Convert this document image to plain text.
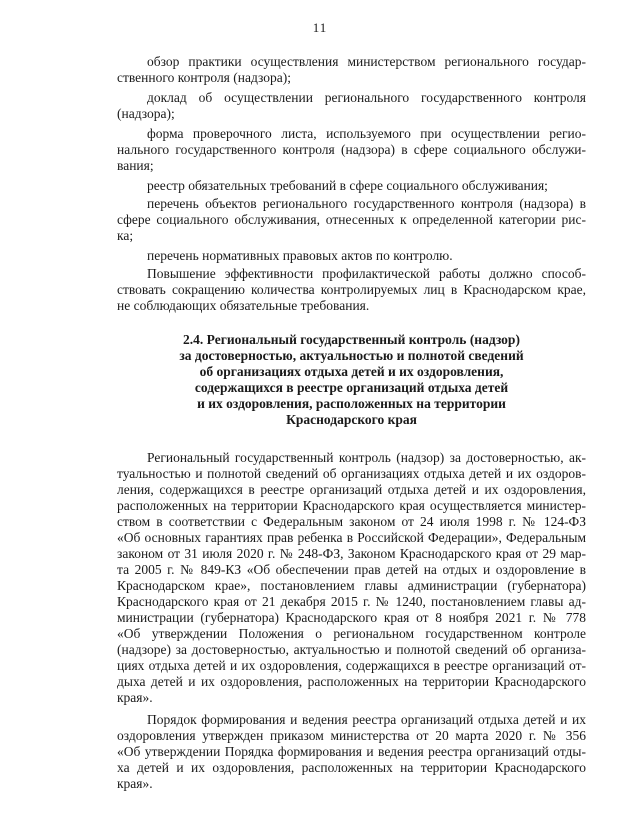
11
обзор практики осуществления министерством регионального государ-
ственного контроля (надзора);
доклад об осуществлении регионального государственного контроля
(надзора);
форма проверочного листа, используемого при осуществлении регио-
нального государственного контроля (надзора) в сфере социального обслужи-
вания;
реестр обязательных требований в сфере социального обслуживания;
перечень объектов регионального государственного контроля (надзора) в
сфере социального обслуживания, отнесенных к определенной категории рис-
ка;
перечень нормативных правовых актов по контролю.
Повышение эффективности профилактической работы должно способ-
ствовать сокращению количества контролируемых лиц в Краснодарском крае,
не соблюдающих обязательные требования.
2.4. Региональный государственный контроль (надзор)
за достоверностью, актуальностью и полнотой сведений
об организациях отдыха детей и их оздоровления,
содержащихся в реестре организаций отдыха детей
и их оздоровления, расположенных на территории
Краснодарского края
Региональный государственный контроль (надзор) за достоверностью, ак-
туальностью и полнотой сведений об организациях отдыха детей и их оздоров-
ления, содержащихся в реестре организаций отдыха детей и их оздоровления,
расположенных на территории Краснодарского края осуществляется министер-
ством в соответствии с Федеральным законом от 24 июля 1998 г. № 124-ФЗ
«Об основных гарантиях прав ребенка в Российской Федерации», Федеральным
законом от 31 июля 2020 г. № 248-ФЗ, Законом Краснодарского края от 29 мар-
та 2005 г. № 849-КЗ «Об обеспечении прав детей на отдых и оздоровление в
Краснодарском крае», постановлением главы администрации (губернатора)
Краснодарского края от 21 декабря 2015 г. № 1240, постановлением главы ад-
министрации (губернатора) Краснодарского края от 8 ноября 2021 г. № 778
«Об утверждении Положения о региональном государственном контроле
(надзоре) за достоверностью, актуальностью и полнотой сведений об организа-
циях отдыха детей и их оздоровления, содержащихся в реестре организаций от-
дыха детей и их оздоровления, расположенных на территории Краснодарского
края».
Порядок формирования и ведения реестра организаций отдыха детей и их
оздоровления утвержден приказом министерства от 20 марта 2020 г. № 356
«Об утверждении Порядка формирования и ведения реестра организаций отды-
ха детей и их оздоровления, расположенных на территории Краснодарского
края».
